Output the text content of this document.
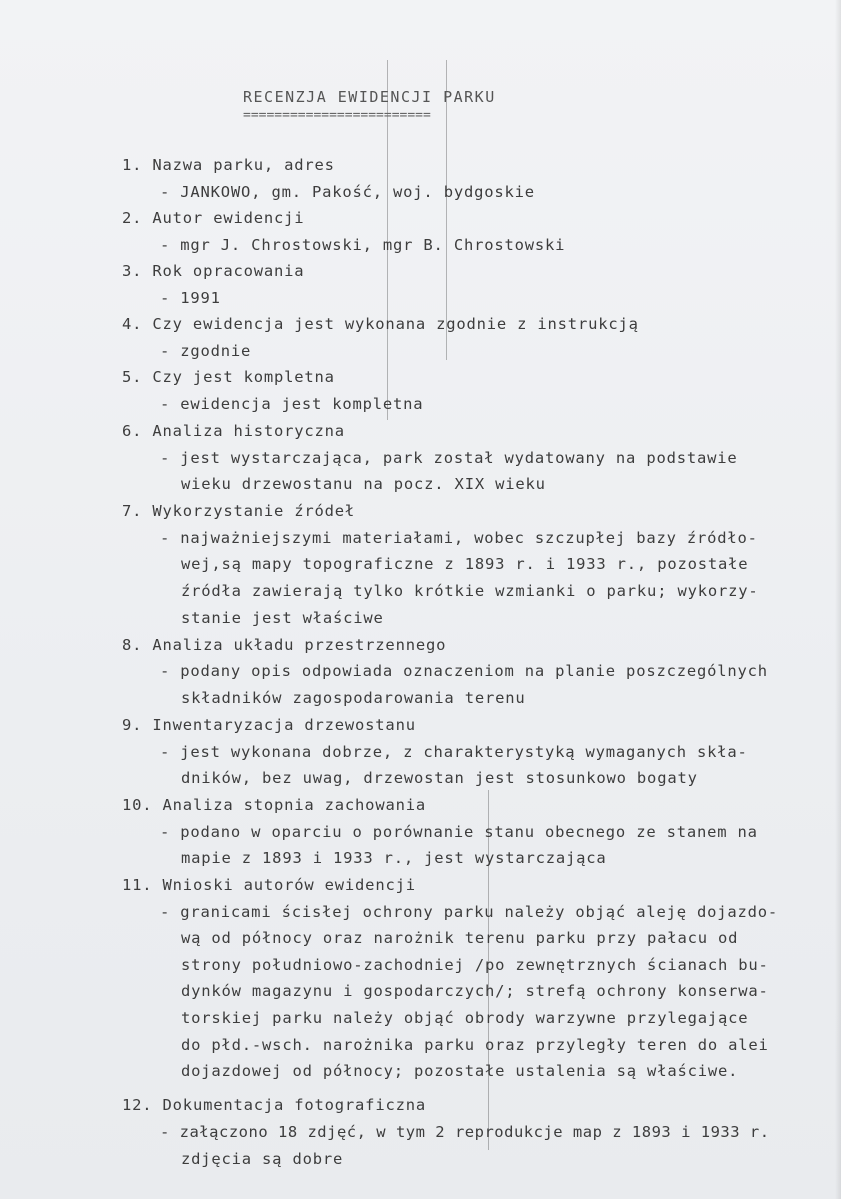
RECENZJA EWIDENCJI PARKU
========================
1. Nazwa parku, adres
- JANKOWO, gm. Pakość, woj. bydgoskie
2. Autor ewidencji
- mgr J. Chrostowski, mgr B. Chrostowski
3. Rok opracowania
- 1991
4. Czy ewidencja jest wykonana zgodnie z instrukcją
- zgodnie
5. Czy jest kompletna
- ewidencja jest kompletna
6. Analiza historyczna
- jest wystarczająca, park został wydatowany na podstawie
wieku drzewostanu na pocz. XIX wieku
7. Wykorzystanie źródeł
- najważniejszymi materiałami, wobec szczupłej bazy źródło-
wej,są mapy topograficzne z 1893 r. i 1933 r., pozostałe
źródła zawierają tylko krótkie wzmianki o parku; wykorzy-
stanie jest właściwe
8. Analiza układu przestrzennego
- podany opis odpowiada oznaczeniom na planie poszczególnych
składników zagospodarowania terenu
9. Inwentaryzacja drzewostanu
- jest wykonana dobrze, z charakterystyką wymaganych skła-
dników, bez uwag, drzewostan jest stosunkowo bogaty
10. Analiza stopnia zachowania
- podano w oparciu o porównanie stanu obecnego ze stanem na
mapie z 1893 i 1933 r., jest wystarczająca
11. Wnioski autorów ewidencji
- granicami ścisłej ochrony parku należy objąć aleję dojazdo-
wą od północy oraz narożnik terenu parku przy pałacu od
strony południowo-zachodniej /po zewnętrznych ścianach bu-
dynków magazynu i gospodarczych/; strefą ochrony konserwa-
torskiej parku należy objąć obrody warzywne przylegające
do płd.-wsch. narożnika parku oraz przyległy teren do alei
dojazdowej od północy; pozostałe ustalenia są właściwe.
12. Dokumentacja fotograficzna
- załączono 18 zdjęć, w tym 2 reprodukcje map z 1893 i 1933 r.
zdjęcia są dobre
